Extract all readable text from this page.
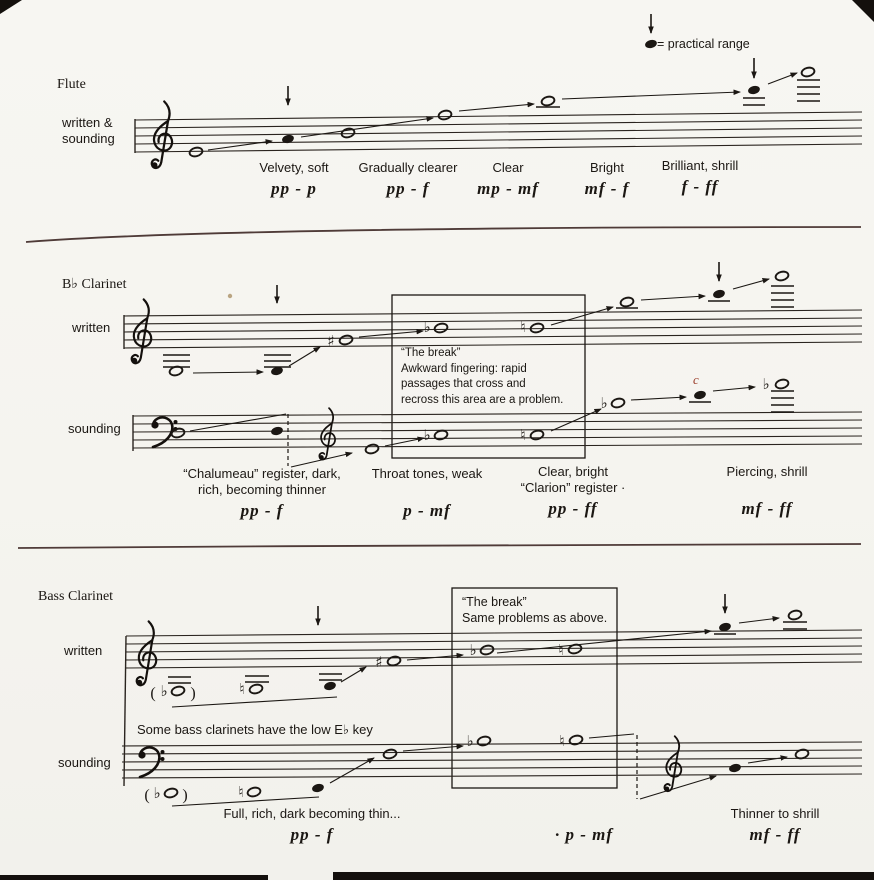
♯
♭	♮
♭	♮
♭
♭
( ♭ )	♮
♯
♭	♮
( ♭ )	♮
♭	♮
= practical range
Flute
written &
sounding
Velvety, soft
pp - p
Gradually clearer
pp - f
Clear
mp - mf
Bright
mf - f
Brilliant, shrill
f - ff
B♭ Clarinet
written
sounding
“The break”
Awkward fingering: rapid
passages that cross and
recross this area are a problem.
c
“Chalumeau” register, dark,
rich, becoming thinner
pp - f
Throat tones, weak
p - mf
Clear, bright
“Clarion” register ·
pp - ff
Piercing, shrill
mf - ff
Bass Clarinet
written
sounding
“The break”
Same problems as above.
Some bass clarinets have the low E♭ key
Full, rich, dark becoming thin...
pp - f	· p - mf
Thinner to shrill
mf - ff
